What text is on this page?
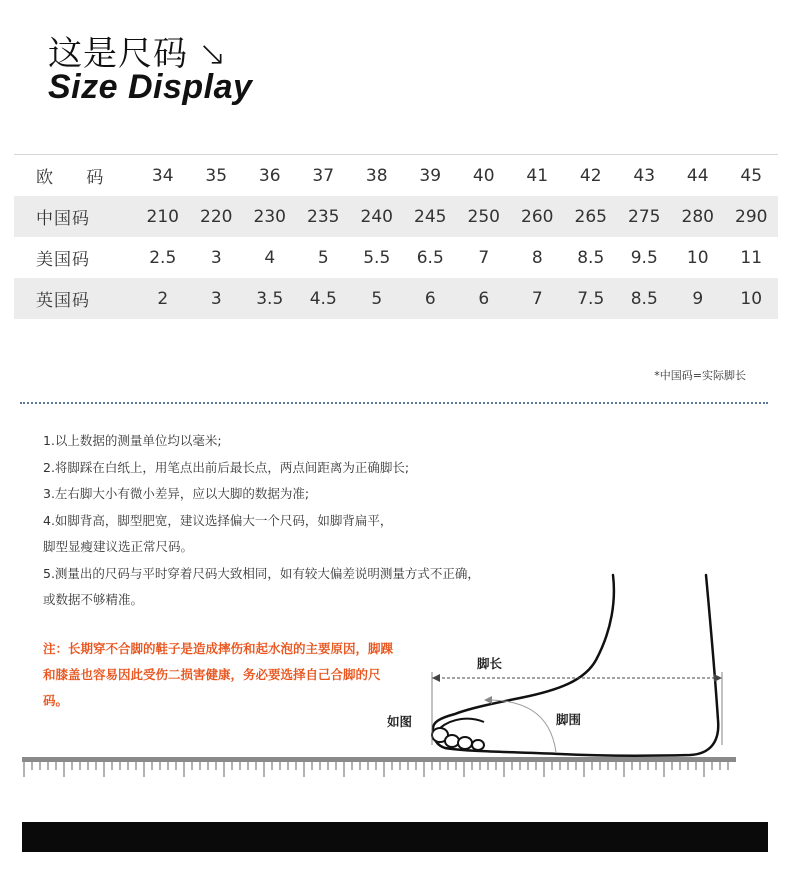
这是尺码 ↘
Size Display
欧 码	34	35	36	37	38	39	40	41	42	43	44	45
中国码	210	220	230	235	240	245	250	260	265	275	280	290
美国码	2.5	3	4	5	5.5	6.5	7	8	8.5	9.5	10	11
英国码	2	3	3.5	4.5	5	6	6	7	7.5	8.5	9	10
*中国码=实际脚长
1.以上数据的测量单位均以毫米;
2.将脚踩在白纸上，用笔点出前后最长点，两点间距离为正确脚长;
3.左右脚大小有微小差异，应以大脚的数据为准;
4.如脚背高，脚型肥宽，建议选择偏大一个尺码，如脚背扁平，
脚型显瘦建议选正常尺码。
5.测量出的尺码与平时穿着尺码大致相同，如有较大偏差说明测量方式不正确，
或数据不够精准。
注：长期穿不合脚的鞋子是造成摔伤和起水泡的主要原因，脚踝和膝盖也容易因此受伤二损害健康，务必要选择自己合脚的尺码。
脚长
脚围
如图
